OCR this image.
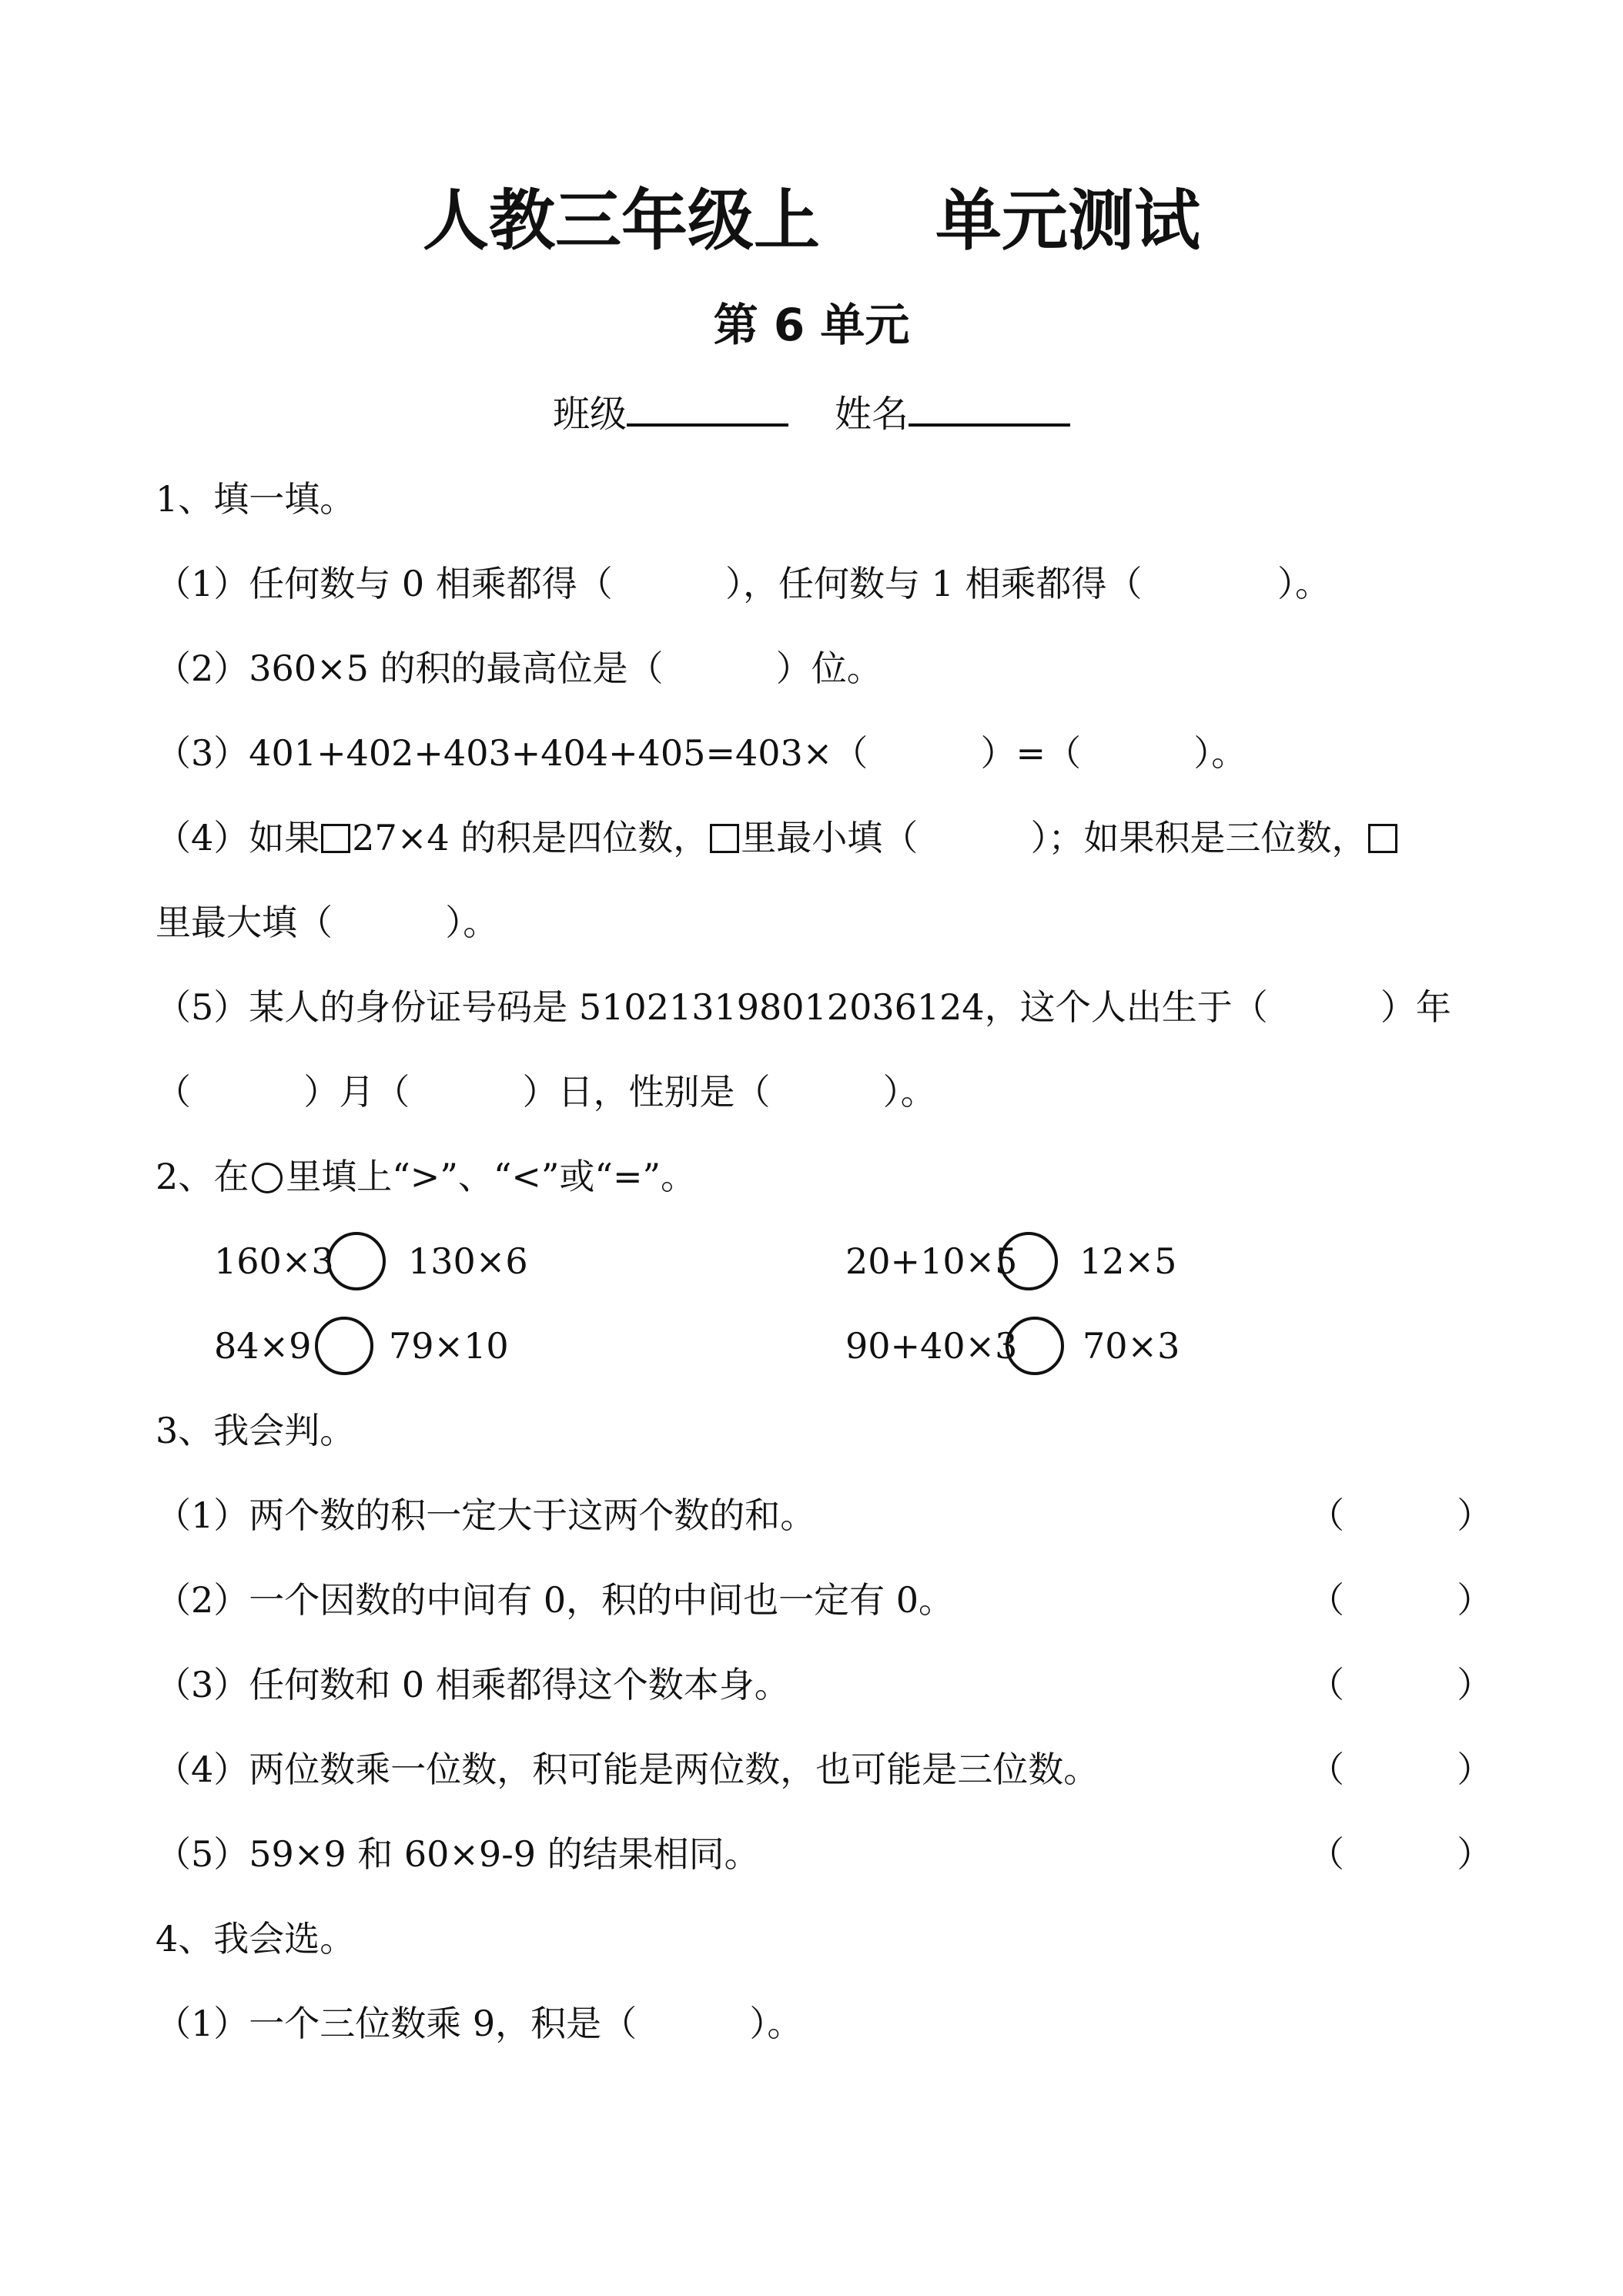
人教三年级上 单元测试
第 6 单元
班级	姓名
1、填一填。
（1）任何数与 0 相乘都得（          ），任何数与 1 相乘都得（            ）。
（2）360×5 的积的最高位是（          ）位。
（3）401+402+403+404+405=403×（          ）=（          ）。
（4）如果 27×4 的积是四位数， 里最小填（          ）；如果积是三位数，
里最大填（          ）。
（5）某人的身份证号码是 510213198012036124，这个人出生于（          ）年
（          ）月（          ）日，性别是（          ）。
2、在 里填上“>”、“<”或“=”。
160×3 130×6	20+10×5 12×5
84×9 79×10	90+40×3 70×3
3、我会判。
（1）两个数的积一定大于这两个数的和。	（          ）
（2）一个因数的中间有 0，积的中间也一定有 0。	（          ）
（3）任何数和 0 相乘都得这个数本身。	（          ）
（4）两位数乘一位数，积可能是两位数，也可能是三位数。	（          ）
（5）59×9 和 60×9-9 的结果相同。	（          ）
4、我会选。
（1）一个三位数乘 9，积是（          ）。
